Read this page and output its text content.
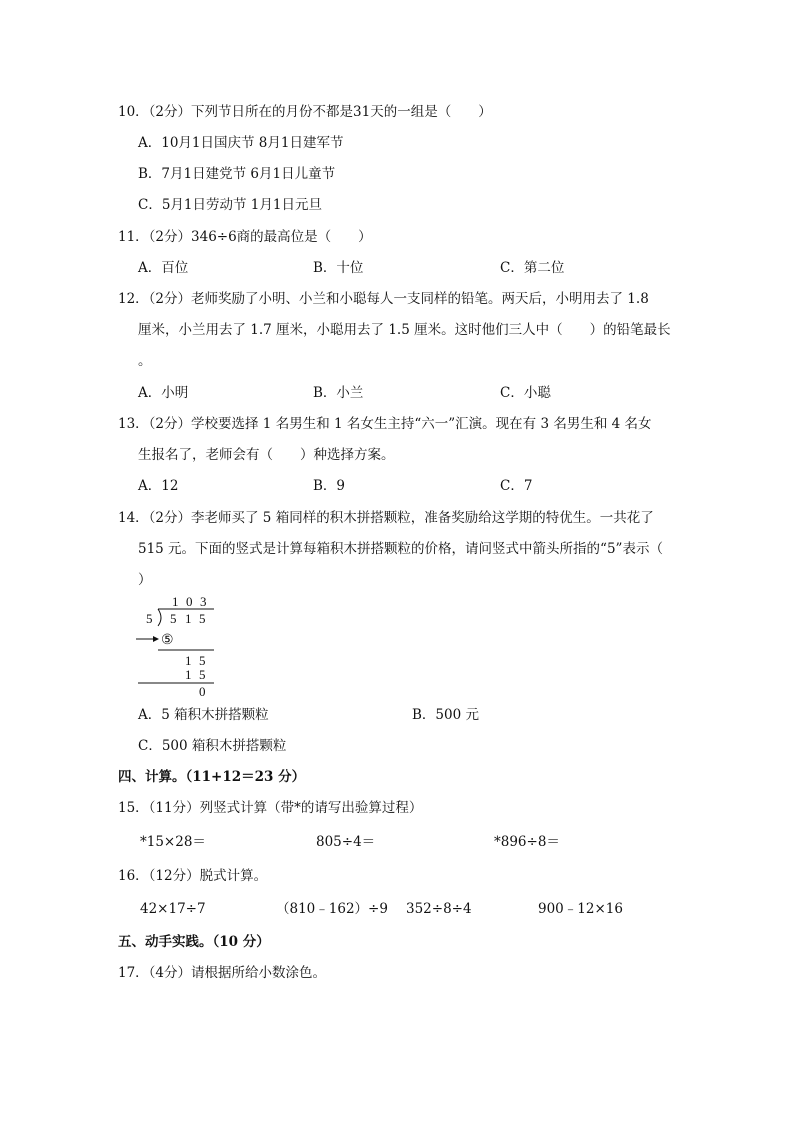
10．（2分）下列节日所在的月份不都是31天的一组是（　　）
A．10月1日国庆节 8月1日建军节
B．7月1日建党节 6月1日儿童节
C．5月1日劳动节 1月1日元旦
11．（2分）346÷6商的最高位是（　　）
A．百位	B．十位	C．第二位
12．（2分）老师奖励了小明、小兰和小聪每人一支同样的铅笔。两天后，小明用去了 1.8
厘米，小兰用去了 1.7 厘米，小聪用去了 1.5 厘米。这时他们三人中（　　）的铅笔最长
。
A．小明	B．小兰	C．小聪
13．（2分）学校要选择 1 名男生和 1 名女生主持“六一”汇演。现在有 3 名男生和 4 名女
生报名了，老师会有（　　）种选择方案。
A．12	B．9	C．7
14．（2分）李老师买了 5 箱同样的积木拼搭颗粒，准备奖励给这学期的特优生。一共花了
515 元。下面的竖式是计算每箱积木拼搭颗粒的价格，请问竖式中箭头所指的“5”表示（
）
1 0 3
5 5 1 5
⑤
1 5
1 5
0
A．5 箱积木拼搭颗粒	B．500 元
C．500 箱积木拼搭颗粒
四、计算。（11+12＝23 分）
15．（11分）列竖式计算（带*的请写出验算过程）
*15×28＝	805÷4＝	*896÷8＝
16．（12分）脱式计算。
42×17÷7	（810﹣162）÷9 352÷8÷4	900﹣12×16
五、动手实践。（10 分）
17．（4分）请根据所给小数涂色。
